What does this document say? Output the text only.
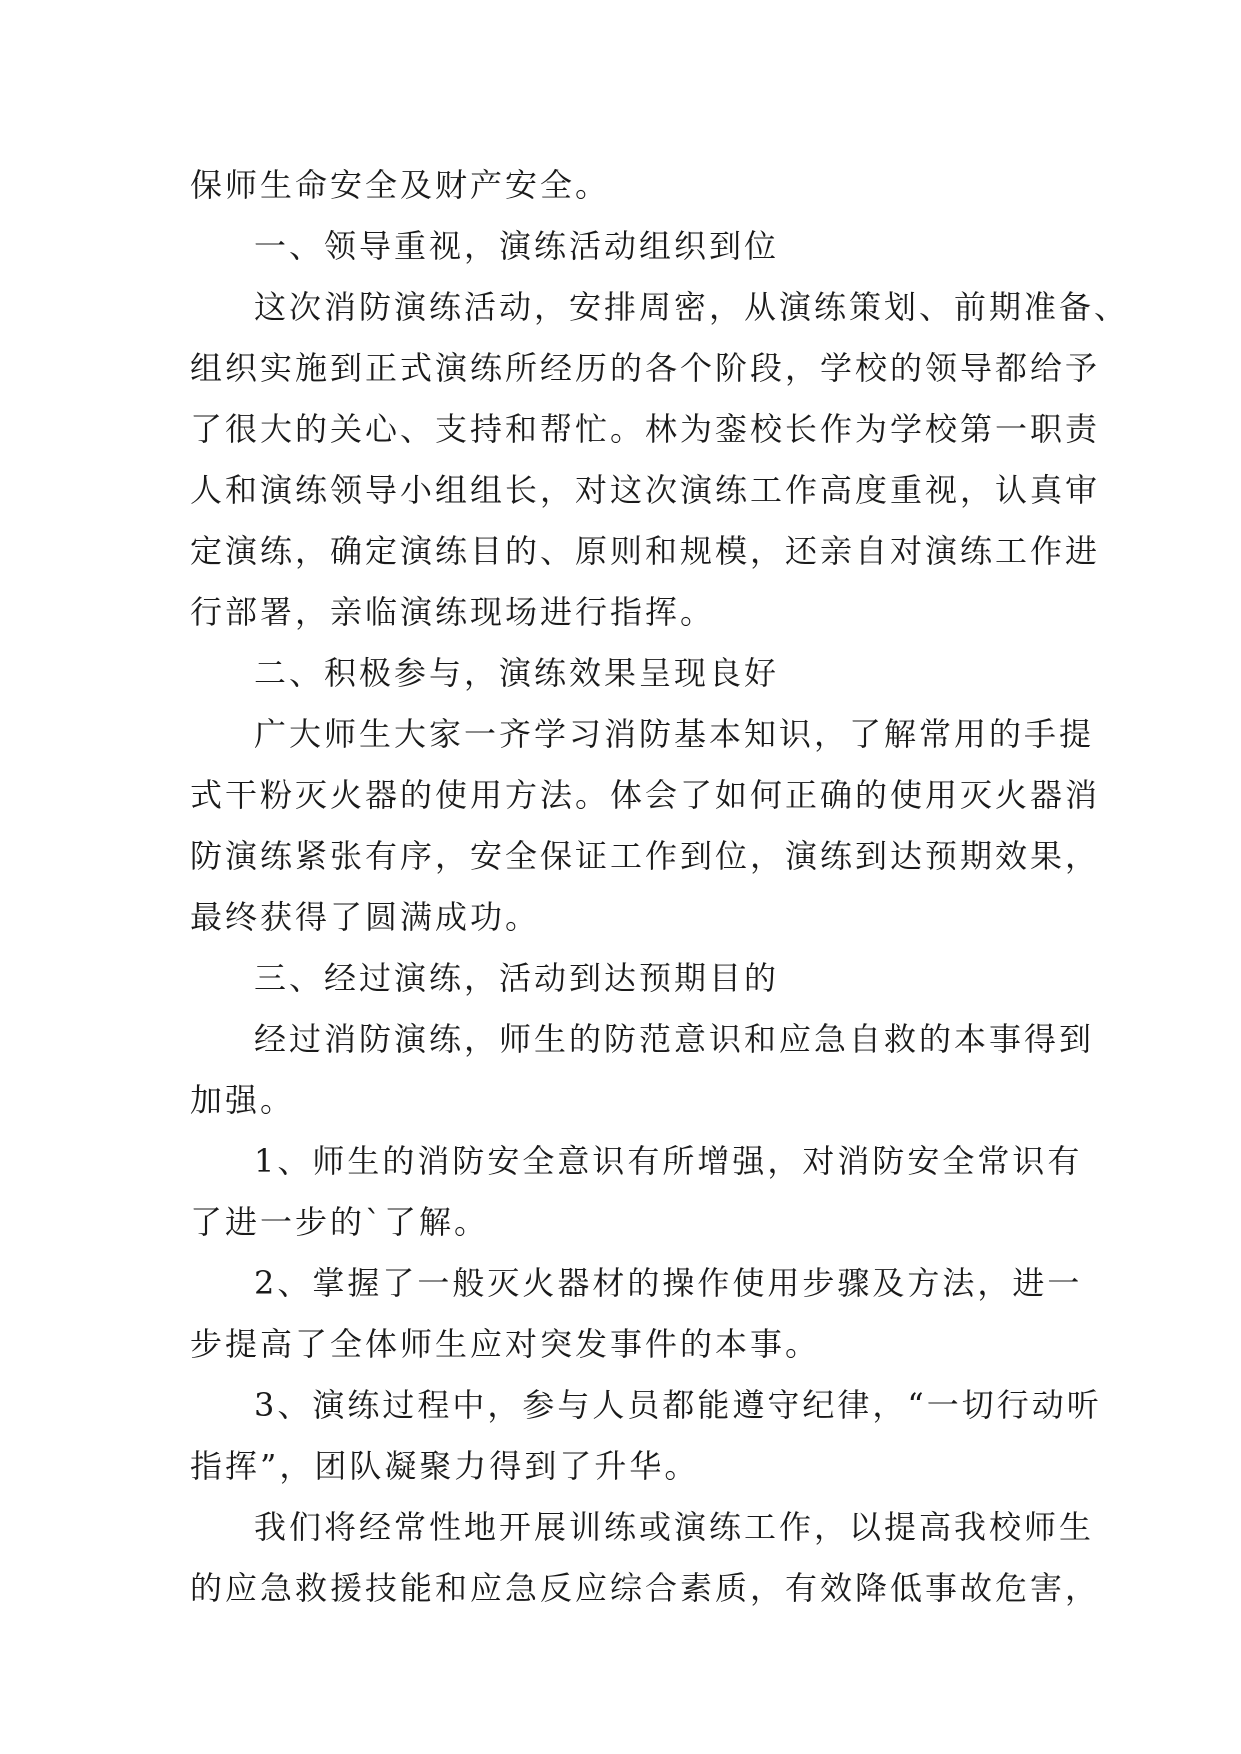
保师生命安全及财产安全。
一、领导重视，演练活动组织到位
这次消防演练活动，安排周密，从演练策划、前期准备、
组织实施到正式演练所经历的各个阶段，学校的领导都给予
了很大的关心、支持和帮忙。林为銮校长作为学校第一职责
人和演练领导小组组长，对这次演练工作高度重视，认真审
定演练，确定演练目的、原则和规模，还亲自对演练工作进
行部署，亲临演练现场进行指挥。
二、积极参与，演练效果呈现良好
广大师生大家一齐学习消防基本知识，了解常用的手提
式干粉灭火器的使用方法。体会了如何正确的使用灭火器消
防演练紧张有序，安全保证工作到位，演练到达预期效果，
最终获得了圆满成功。
三、经过演练，活动到达预期目的
经过消防演练，师生的防范意识和应急自救的本事得到
加强。
1、师生的消防安全意识有所增强，对消防安全常识有
了进一步的`了解。
2、掌握了一般灭火器材的操作使用步骤及方法，进一
步提高了全体师生应对突发事件的本事。
3、演练过程中，参与人员都能遵守纪律，“一切行动听
指挥”，团队凝聚力得到了升华。
我们将经常性地开展训练或演练工作，以提高我校师生
的应急救援技能和应急反应综合素质，有效降低事故危害，
